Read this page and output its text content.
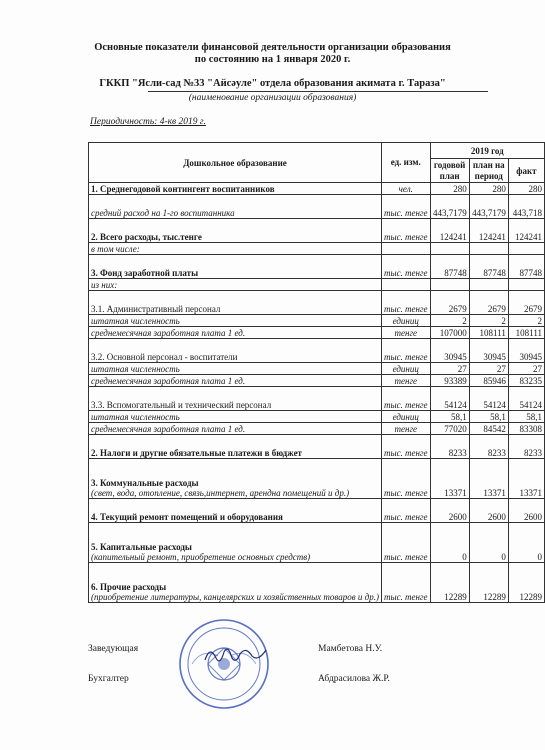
Основные показатели финансовой деятельности организации образования
по состоянию на 1 января 2020 г.
ГККП "Ясли-сад №33 "Айсәуле" отдела образования акимата г. Тараза"
(наименование организации образования)
Периодичность: 4-кв 2019 г.
Дошкольное образование	ед. изм.	2019 год		
		годовой план	план на период	факт
1. Среднегодовой контингент воспитанников	чел.	280	280	280
средний расход на 1-го воспитанника	тыс. тенге	443,7179	443,7179	443,718
2. Всего расходы, тыс.тенге	тыс. тенге	124241	124241	124241
в том числе:				
3. Фонд заработной платы	тыс. тенге	87748	87748	87748
из них:				
3.1. Административный персонал	тыс. тенге	2679	2679	2679
штатная численность	единиц	2	2	2
среднемесячная заработная плата 1 ед.	тенге	107000	108111	108111
3.2. Основной персонал - воспитатели	тыс. тенге	30945	30945	30945
штатная численность	единиц	27	27	27
среднемесячная заработная плата 1 ед.	тенге	93389	85946	83235
3.3. Вспомогательный и технический персонал	тыс. тенге	54124	54124	54124
штатная численность	единиц	58,1	58,1	58,1
среднемесячная заработная плата 1 ед.	тенге	77020	84542	83308
2. Налоги и другие обязательные платежи в бюджет	тыс. тенге	8233	8233	8233
3. Коммунальные расходы
(свет, вода, отопление, связь,интернет, арендна помещений и др.)	тыс. тенге	13371	13371	13371
4. Текущий ремонт помещений и оборудования	тыс. тенге	2600	2600	2600
5. Капитальные расходы
(капительный ремонт, приобретение основных средств)	тыс. тенге	0	0	0
6. Прочие расходы
(приобретение литературы, канцелярских и хозяйственных товаров и др.)	тыс. тенге	12289	12289	12289
Заведующая	Мамбетова Н.У.
Бухгалтер	Абдрасилова Ж.Р.
